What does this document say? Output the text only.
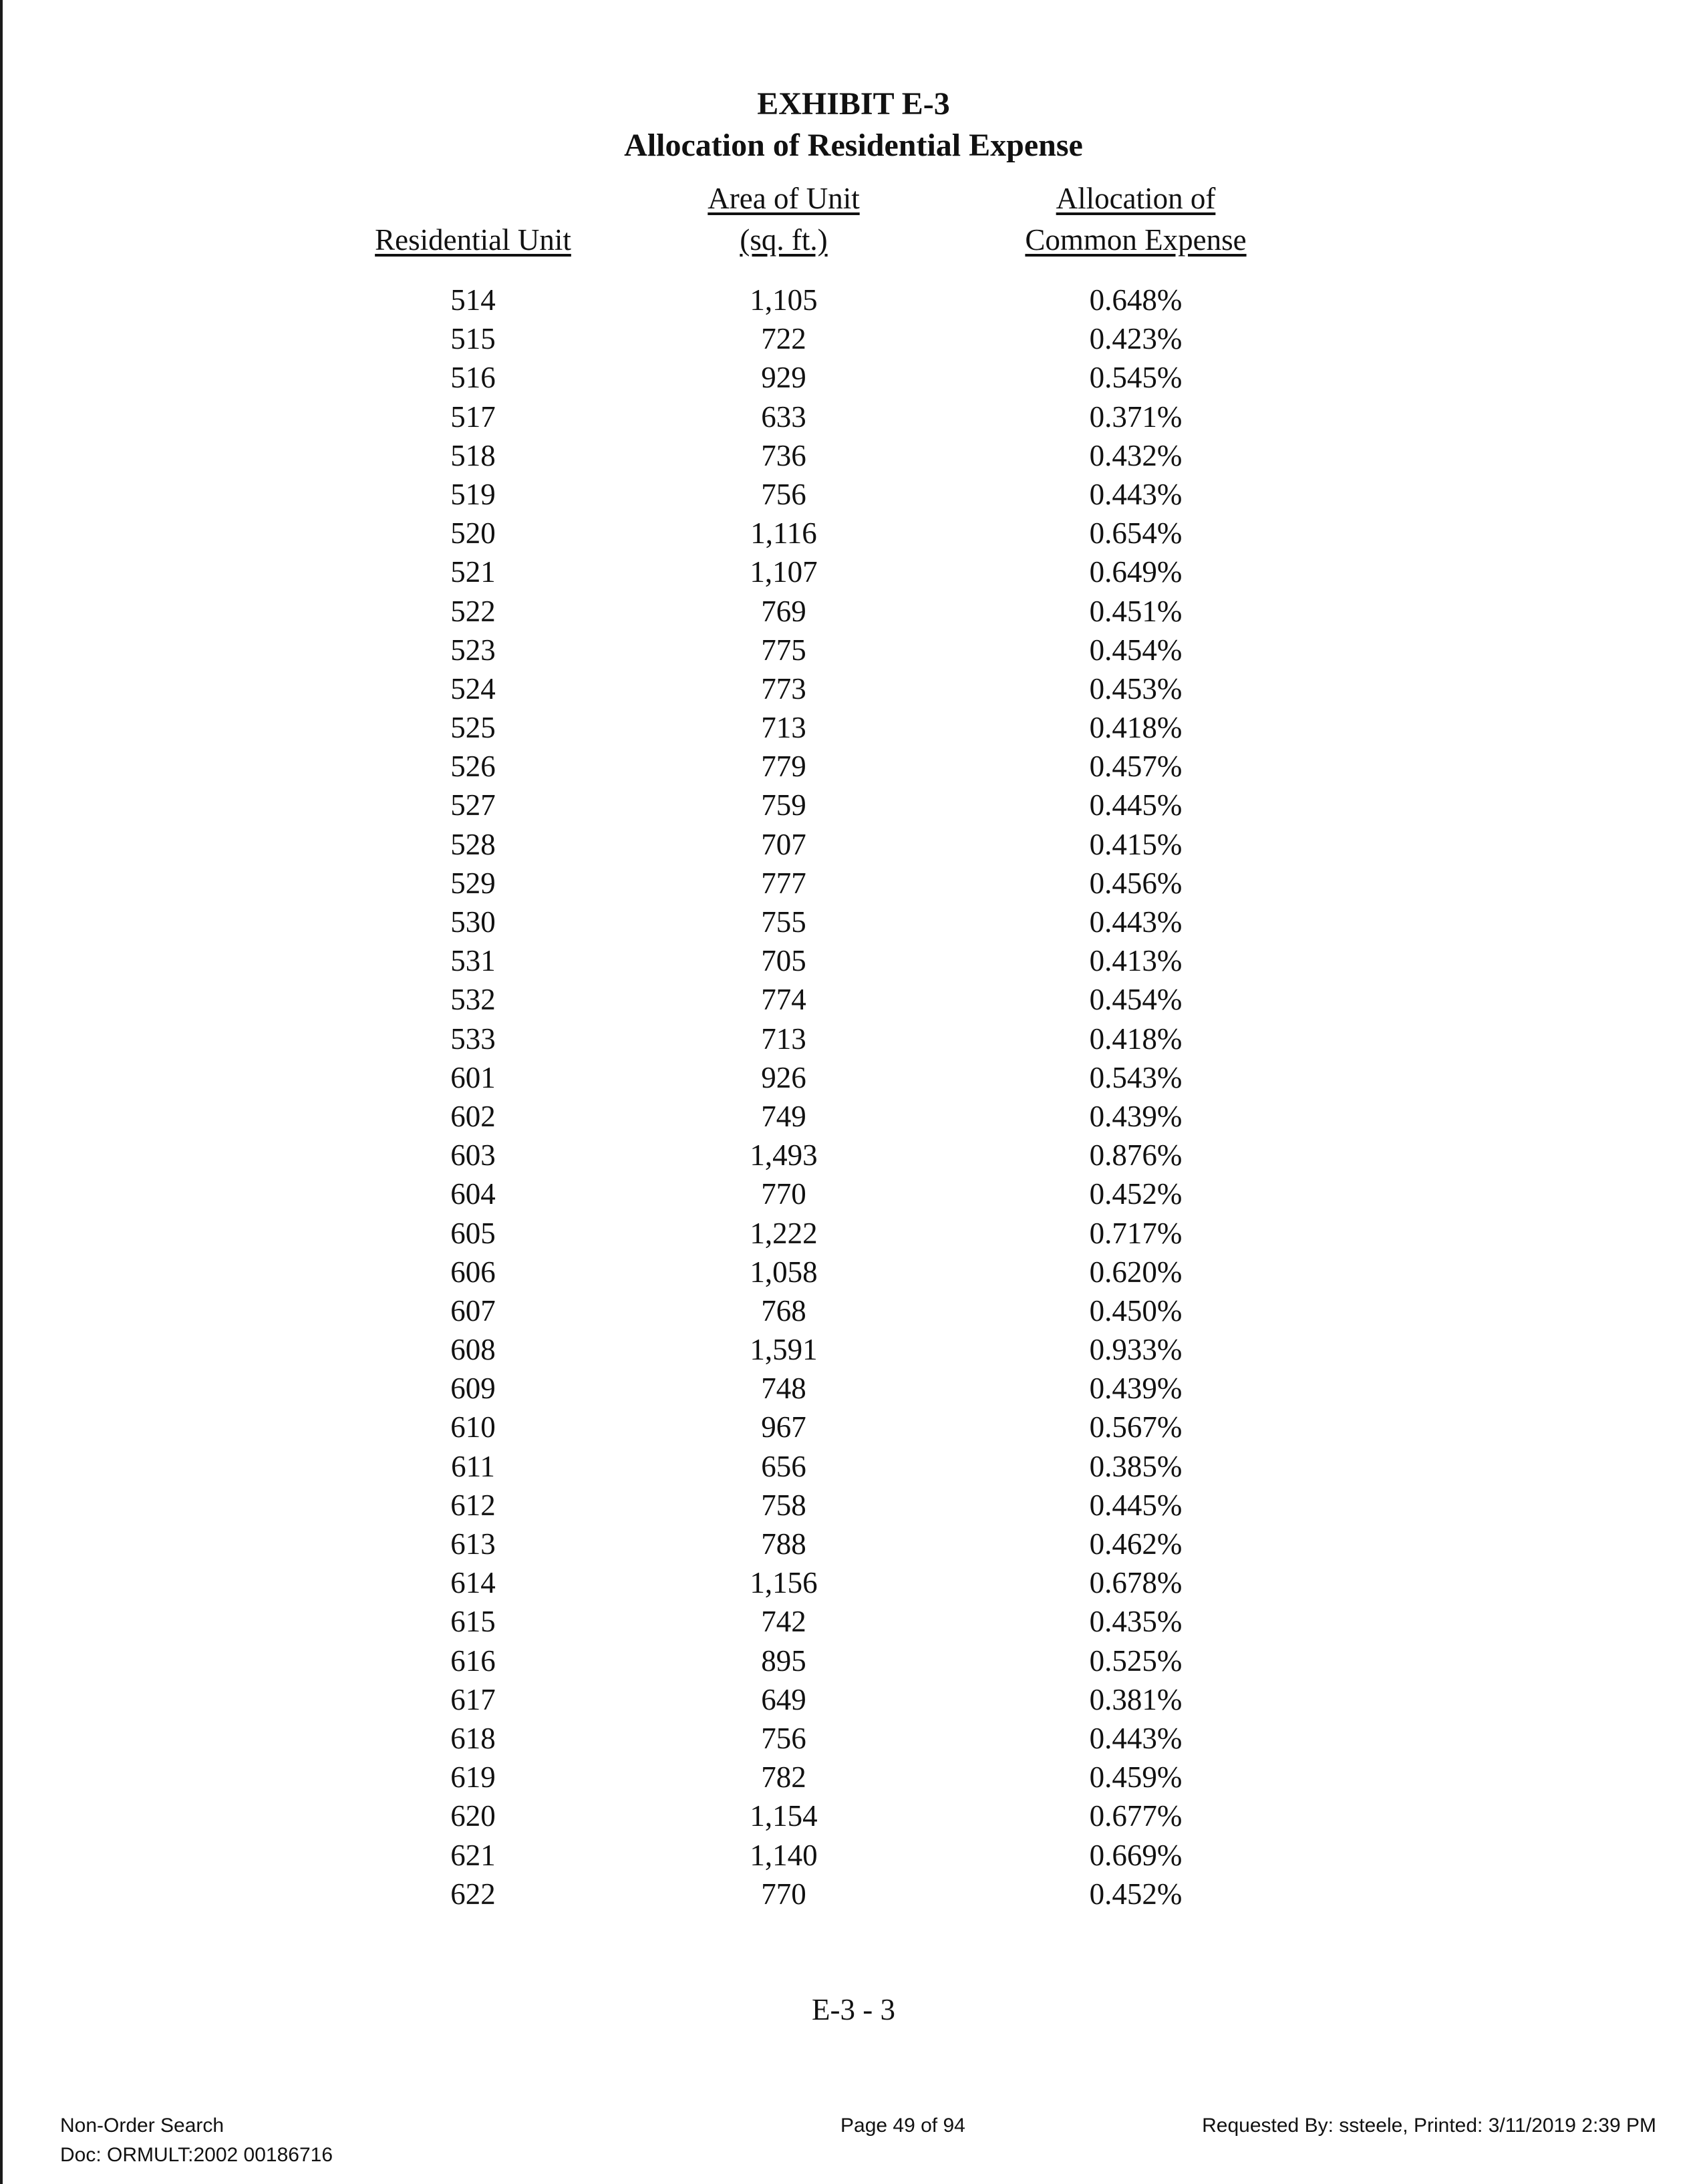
EXHIBIT E-3
Allocation of Residential Expense
Residential Unit
Area of Unit
(sq. ft.)
Allocation of
Common Expense
514	1,105	0.648%
515	722	0.423%
516	929	0.545%
517	633	0.371%
518	736	0.432%
519	756	0.443%
520	1,116	0.654%
521	1,107	0.649%
522	769	0.451%
523	775	0.454%
524	773	0.453%
525	713	0.418%
526	779	0.457%
527	759	0.445%
528	707	0.415%
529	777	0.456%
530	755	0.443%
531	705	0.413%
532	774	0.454%
533	713	0.418%
601	926	0.543%
602	749	0.439%
603	1,493	0.876%
604	770	0.452%
605	1,222	0.717%
606	1,058	0.620%
607	768	0.450%
608	1,591	0.933%
609	748	0.439%
610	967	0.567%
611	656	0.385%
612	758	0.445%
613	788	0.462%
614	1,156	0.678%
615	742	0.435%
616	895	0.525%
617	649	0.381%
618	756	0.443%
619	782	0.459%
620	1,154	0.677%
621	1,140	0.669%
622	770	0.452%
E-3 - 3
Non-Order Search
Doc: ORMULT:2002 00186716
Page 49 of 94	Requested By: ssteele, Printed: 3/11/2019 2:39 PM
